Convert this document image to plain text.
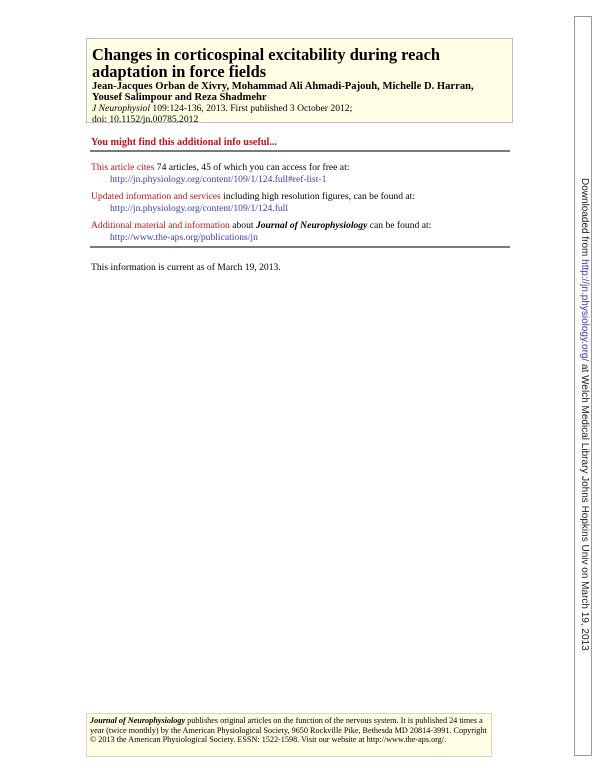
Changes in corticospinal excitability during reach
adaptation in force fields
Jean-Jacques Orban de Xivry, Mohammad Ali Ahmadi-Pajouh, Michelle D. Harran,
Yousef Salimpour and Reza Shadmehr
J Neurophysiol 109:124-136, 2013. First published 3 October 2012;
doi: 10.1152/jn.00785.2012
You might find this additional info useful...
This article cites 74 articles, 45 of which you can access for free at:
http://jn.physiology.org/content/109/1/124.full#ref-list-1
Updated information and services including high resolution figures, can be found at:
http://jn.physiology.org/content/109/1/124.full
Additional material and information about Journal of Neurophysiology can be found at:
http://www.the-aps.org/publications/jn
This information is current as of March 19, 2013.
Downloaded from http://jn.physiology.org/ at Welch Medical Library Johns Hopkins Univ on March 19, 2013
Journal of Neurophysiology publishes original articles on the function of the nervous system. It is published 24 times a year (twice monthly) by the American Physiological Society, 9650 Rockville Pike, Bethesda MD 20814-3991. Copyright © 2013 the American Physiological Society. ESSN: 1522-1598. Visit our website at http://www.the-aps.org/.
